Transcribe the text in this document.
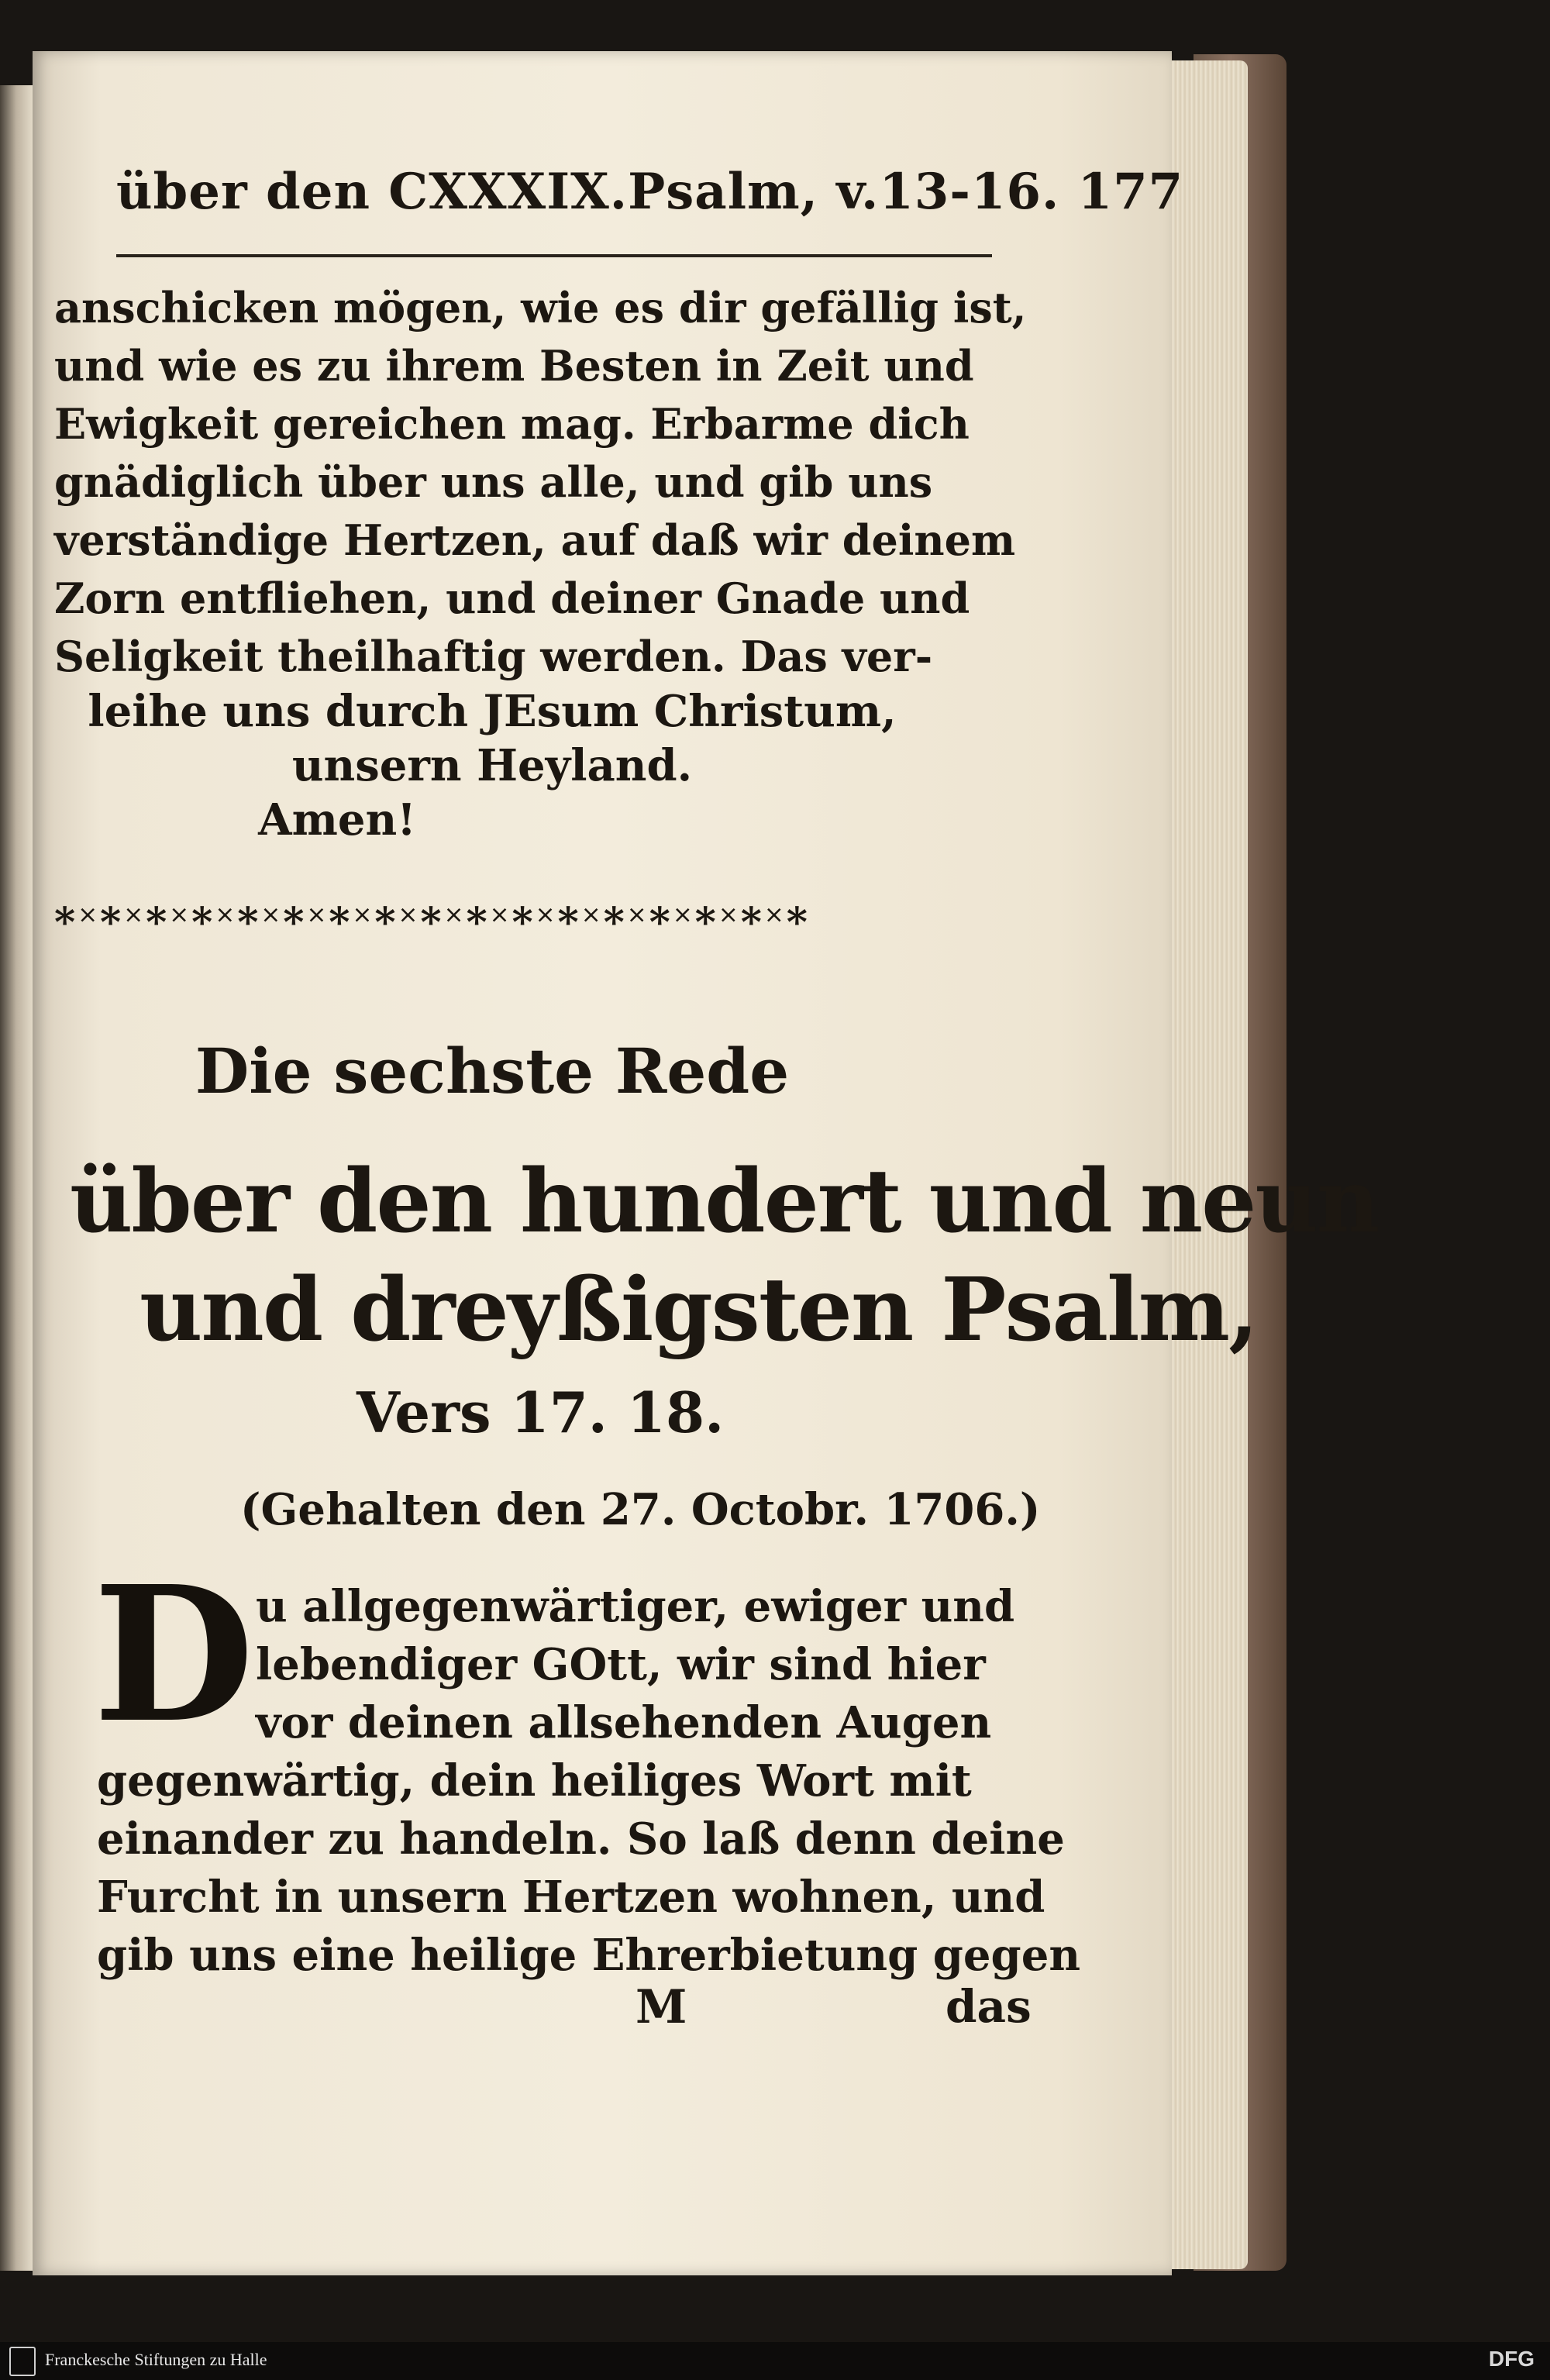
über den CXXXIX.Psalm, v.13-16. 177
anschicken mögen, wie es dir gefällig ist,
und wie es zu ihrem Besten in Zeit und
Ewigkeit gereichen mag. Erbarme dich
gnädiglich über uns alle, und gib uns
verständige Hertzen, auf daß wir deinem
Zorn entfliehen, und deiner Gnade und
Seligkeit theilhaftig werden. Das ver-
leihe uns durch JEsum Christum,
unsern Heyland.
Amen!
*˟*˟*˟*˟*˟*˟*˟*˟*˟*˟*˟*˟*˟*˟*˟*˟*
Die sechste Rede
über den hundert und neun
und dreyßigsten Psalm,
Vers 17. 18.
(Gehalten den 27. Octobr. 1706.)
D u allgegenwärtiger, ewiger und
lebendiger GOtt, wir sind hier
vor deinen allsehenden Augen
gegenwärtig, dein heiliges Wort mit
einander zu handeln. So laß denn deine
Furcht in unsern Hertzen wohnen, und
gib uns eine heilige Ehrerbietung gegen
M	das
Franckesche Stiftungen zu Halle	DFG
